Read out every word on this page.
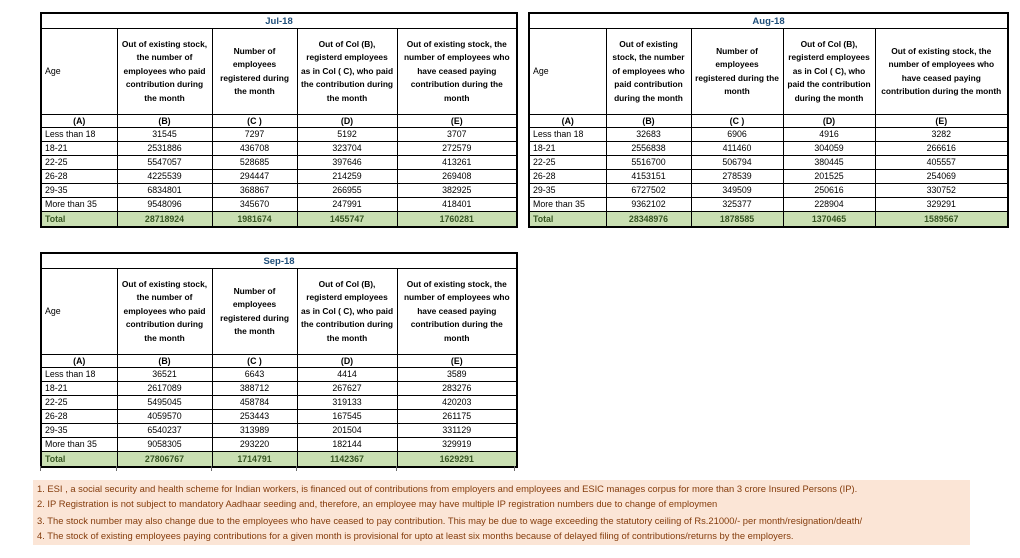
Jul-18				
Age	Out of existing stock, the number of employees who paid contribution during the month	Number of employees registered during the month	Out of Col (B), registerd employees as in Col ( C), who paid the contribution during the month	Out of existing stock, the number of employees who have ceased paying contribution during the month
(A)	(B)	(C )	(D)	(E)
Less than 18	31545	7297	5192	3707
18-21	2531886	436708	323704	272579
22-25	5547057	528685	397646	413261
26-28	4225539	294447	214259	269408
29-35	6834801	368867	266955	382925
More than 35	9548096	345670	247991	418401
Total	28718924	1981674	1455747	1760281
Aug-18				
Age	Out of existing stock, the number of employees who paid contribution during the month	Number of employees registered during the month	Out of Col (B), registerd employees as in Col ( C), who paid the contribution during the month	Out of existing stock, the number of employees who have ceased paying contribution during the month
(A)	(B)	(C )	(D)	(E)
Less than 18	32683	6906	4916	3282
18-21	2556838	411460	304059	266616
22-25	5516700	506794	380445	405557
26-28	4153151	278539	201525	254069
29-35	6727502	349509	250616	330752
More than 35	9362102	325377	228904	329291
Total	28348976	1878585	1370465	1589567
Sep-18				
Age	Out of existing stock, the number of employees who paid contribution during the month	Number of employees registered during the month	Out of Col (B), registerd employees as in Col ( C), who paid the contribution during the month	Out of existing stock, the number of employees who have ceased paying contribution during the month
(A)	(B)	(C )	(D)	(E)
Less than 18	36521	6643	4414	3589
18-21	2617089	388712	267627	283276
22-25	5495045	458784	319133	420203
26-28	4059570	253443	167545	261175
29-35	6540237	313989	201504	331129
More than 35	9058305	293220	182144	329919
Total	27806767	1714791	1142367	1629291
1. ESI , a social security and health scheme for Indian workers, is financed out of contributions from employers and employees and ESIC manages corpus for more than 3 crore Insured Persons (IP).
2. IP Registration is not subject to mandatory Aadhaar seeding and, therefore, an employee may have multiple IP registration numbers due to change of employmen
3. The stock number may also change due to the employees who have ceased to pay contribution. This may be due to wage exceeding the statutory ceiling of Rs.21000/- per month/resignation/death/
4. The stock of existing employees paying contributions for a given month is provisional for upto at least six months because of delayed filing of contributions/returns by the employers.
